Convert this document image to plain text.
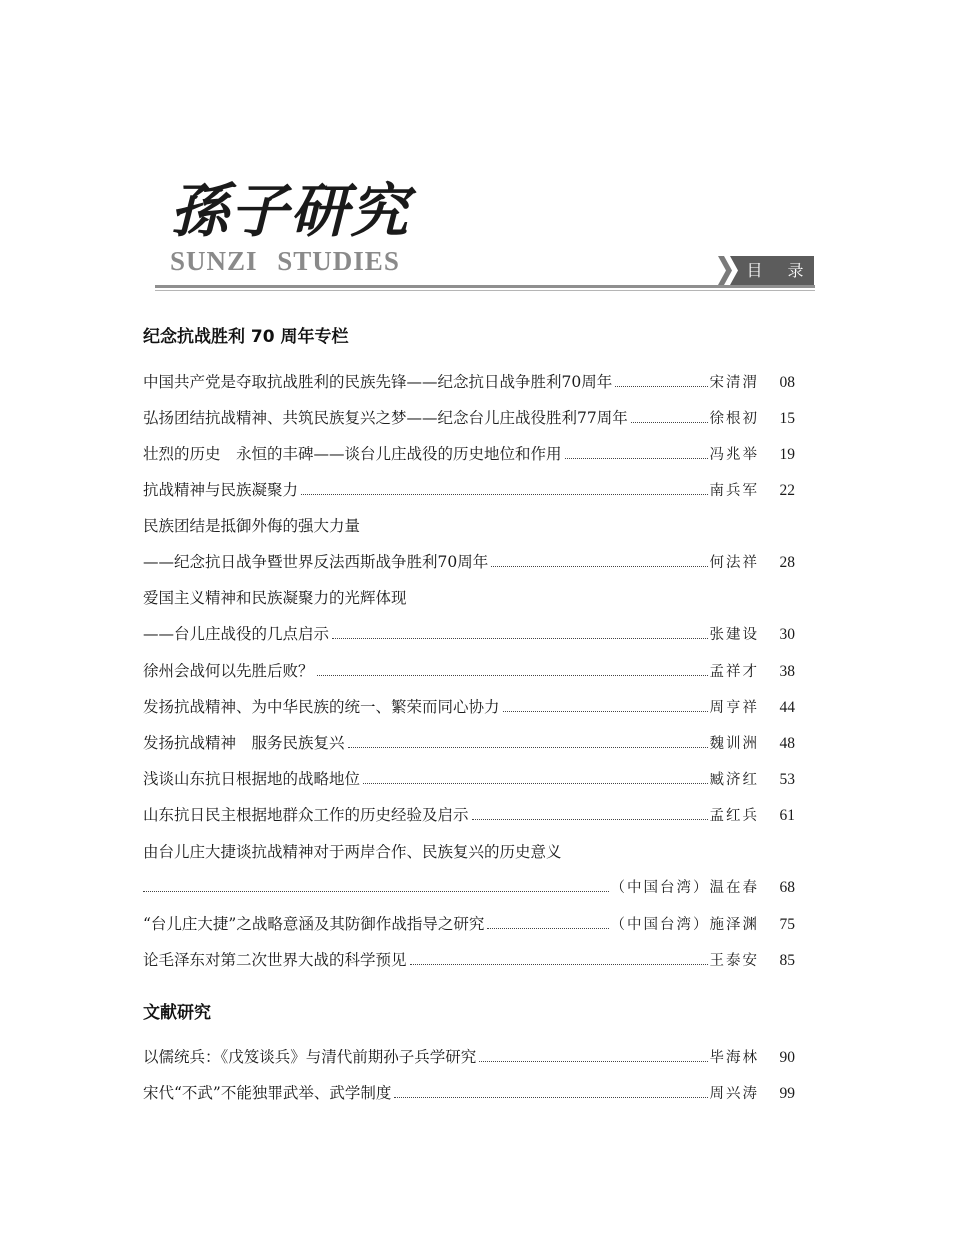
孫子研究
SUNZI STUDIES	目 录
纪念抗战胜利 70 周年专栏
中国共产党是夺取抗战胜利的民族先锋——纪念抗日战争胜利70周年	宋清渭	08
弘扬团结抗战精神、共筑民族复兴之梦——纪念台儿庄战役胜利77周年	徐根初	15
壮烈的历史　永恒的丰碑——谈台儿庄战役的历史地位和作用	冯兆举	19
抗战精神与民族凝聚力	南兵军	22
民族团结是抵御外侮的强大力量
——纪念抗日战争暨世界反法西斯战争胜利70周年	何法祥	28
爱国主义精神和民族凝聚力的光辉体现
——台儿庄战役的几点启示	张建设	30
徐州会战何以先胜后败？	孟祥才	38
发扬抗战精神、为中华民族的统一、繁荣而同心协力	周亨祥	44
发扬抗战精神　服务民族复兴	魏训洲	48
浅谈山东抗日根据地的战略地位	臧济红	53
山东抗日民主根据地群众工作的历史经验及启示	孟红兵	61
由台儿庄大捷谈抗战精神对于两岸合作、民族复兴的历史意义
（中国台湾）温在春	68
“台儿庄大捷”之战略意涵及其防御作战指导之研究	（中国台湾）施泽渊	75
论毛泽东对第二次世界大战的科学预见	王泰安	85
文献研究
以儒统兵：《戊笈谈兵》与清代前期孙子兵学研究	毕海林	90
宋代“不武”不能独罪武举、武学制度	周兴涛	99
